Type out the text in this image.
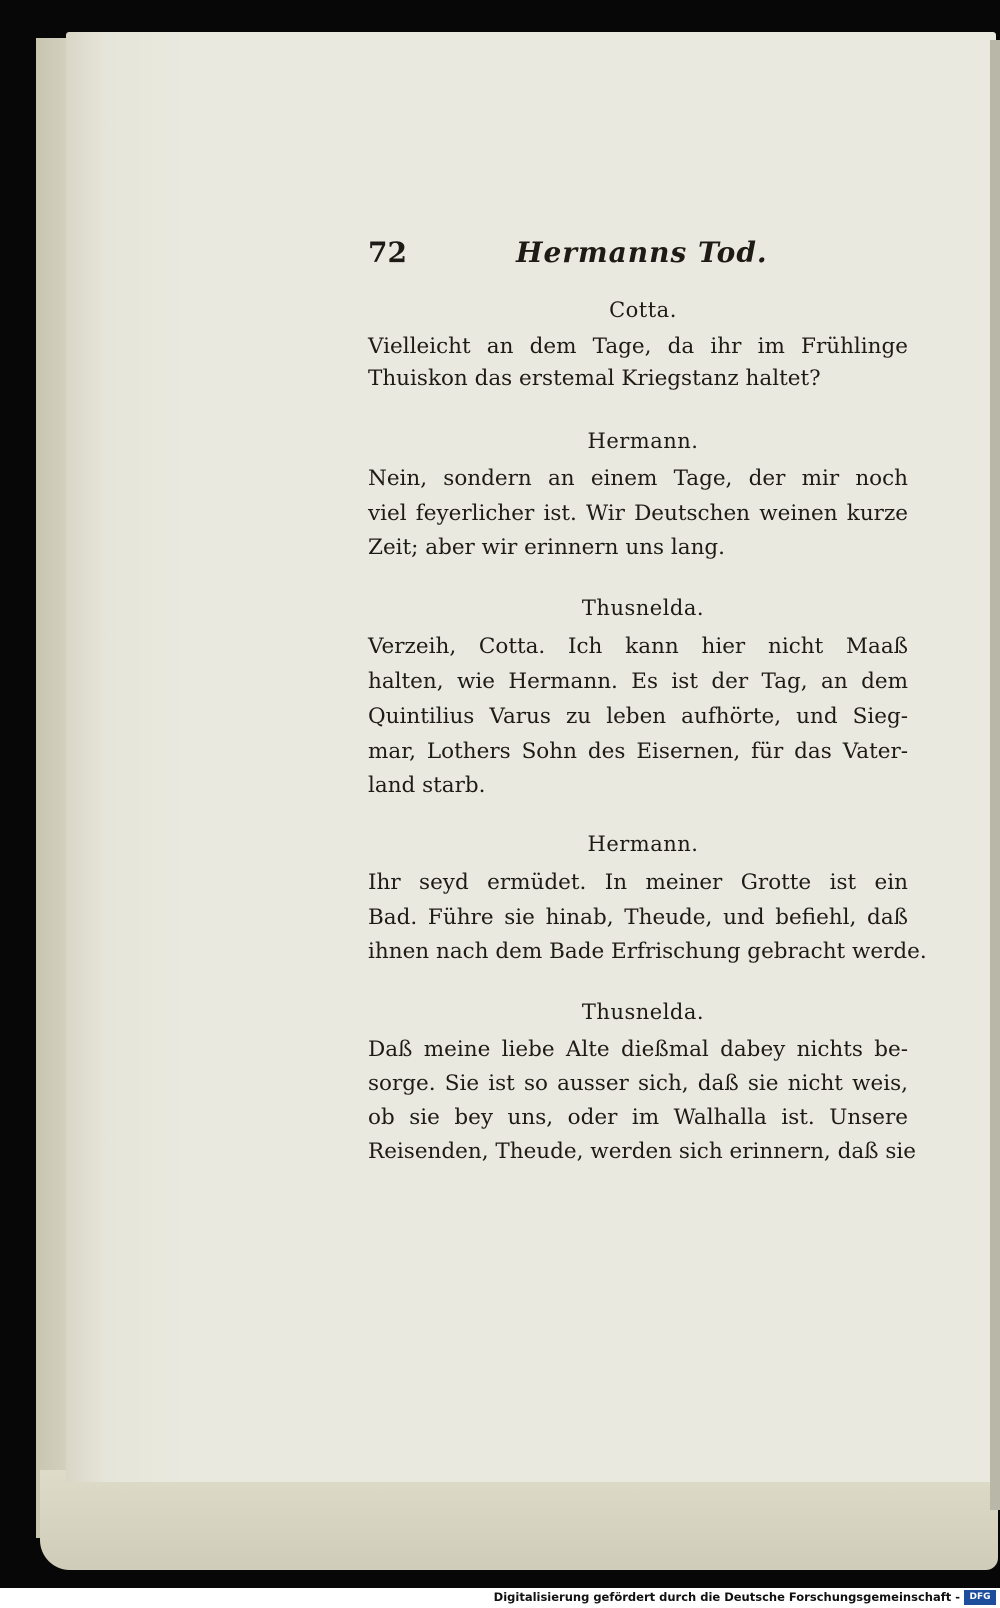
72	Hermanns Tod.
Cotta.
Vielleicht an dem Tage, da ihr im Frühlinge
Thuiskon das erstemal Kriegstanz haltet?
Hermann.
Nein, sondern an einem Tage, der mir noch
viel feyerlicher ist. Wir Deutschen weinen kurze
Zeit; aber wir erinnern uns lang.
Thusnelda.
Verzeih, Cotta. Ich kann hier nicht Maaß
halten, wie Hermann. Es ist der Tag, an dem
Quintilius Varus zu leben aufhörte, und Sieg-
mar, Lothers Sohn des Eisernen, für das Vater-
land starb.
Hermann.
Ihr seyd ermüdet. In meiner Grotte ist ein
Bad. Führe sie hinab, Theude, und befiehl, daß
ihnen nach dem Bade Erfrischung gebracht werde.
Thusnelda.
Daß meine liebe Alte dießmal dabey nichts be-
sorge. Sie ist so ausser sich, daß sie nicht weis,
ob sie bey uns, oder im Walhalla ist. Unsere
Reisenden, Theude, werden sich erinnern, daß sie
Digitalisierung gefördert durch die Deutsche Forschungsgemeinschaft -	DFG
